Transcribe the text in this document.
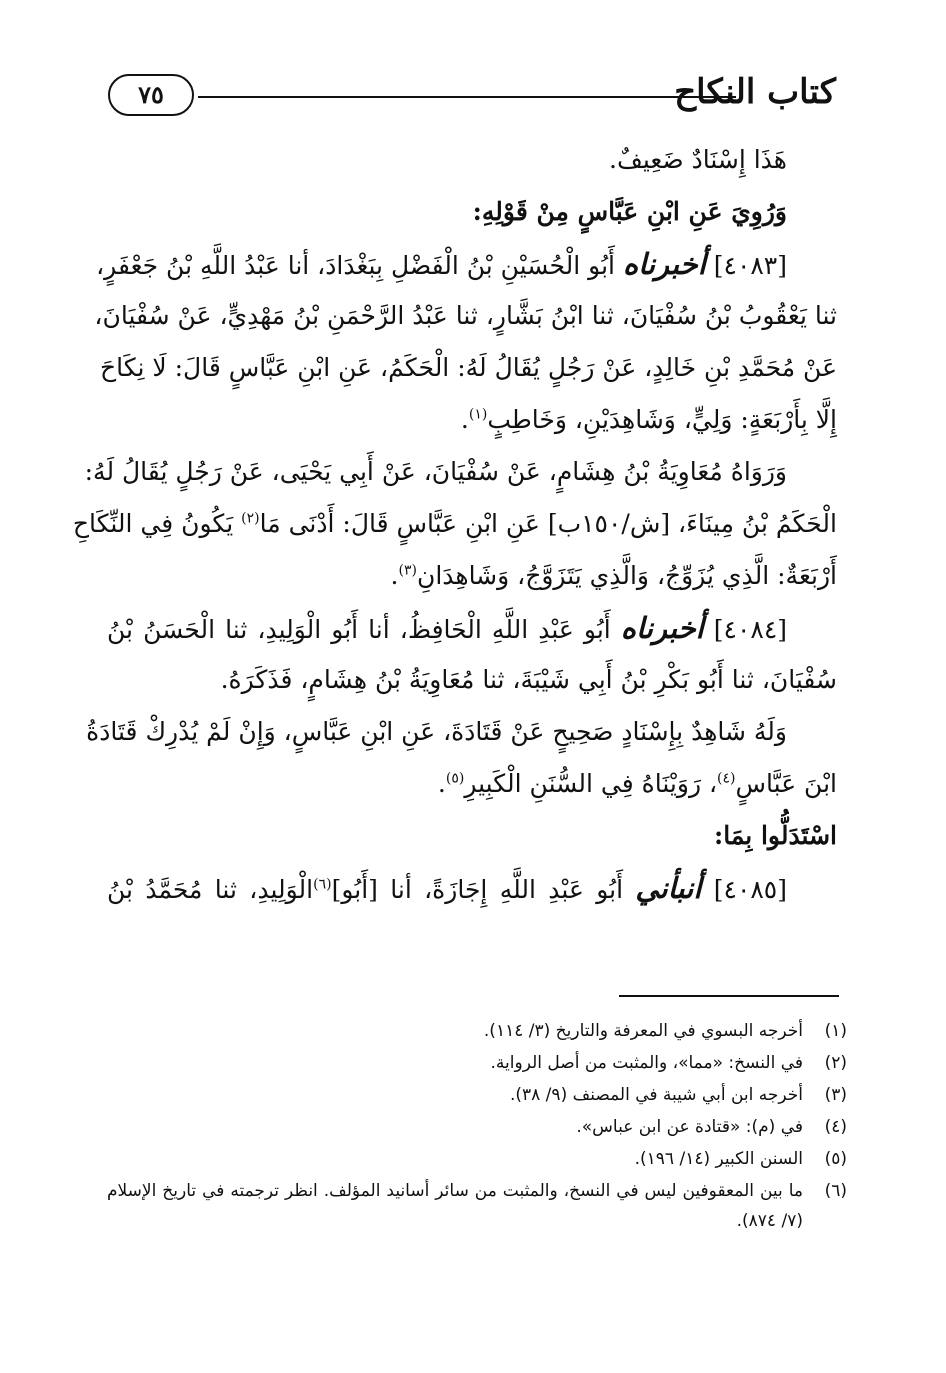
كتاب النكاح
٧٥
هَذَا إِسْنَادٌ ضَعِيفٌ.
وَرُوِيَ عَنِ ابْنِ عَبَّاسٍ مِنْ قَوْلِهِ:
[٤٠٨٣] أخبرناه أَبُو الْحُسَيْنِ بْنُ الْفَضْلِ بِبَغْدَادَ، أنا عَبْدُ اللَّهِ بْنُ جَعْفَرٍ،
ثنا يَعْقُوبُ بْنُ سُفْيَانَ، ثنا ابْنُ بَشَّارٍ، ثنا عَبْدُ الرَّحْمَنِ بْنُ مَهْدِيٍّ، عَنْ سُفْيَانَ،
عَنْ مُحَمَّدِ بْنِ خَالِدٍ، عَنْ رَجُلٍ يُقَالُ لَهُ: الْحَكَمُ، عَنِ ابْنِ عَبَّاسٍ قَالَ: لَا نِكَاحَ
إِلَّا بِأَرْبَعَةٍ: وَلِيٍّ، وَشَاهِدَيْنِ، وَخَاطِبٍ$^{(١)}$.
وَرَوَاهُ مُعَاوِيَةُ بْنُ هِشَامٍ، عَنْ سُفْيَانَ، عَنْ أَبِي يَحْيَى، عَنْ رَجُلٍ يُقَالُ لَهُ:
الْحَكَمُ بْنُ مِينَاءَ، [ش/١٥٠ب] عَنِ ابْنِ عَبَّاسٍ قَالَ: أَدْنَى مَا$^{(٢)}$ يَكُونُ فِي النِّكَاحِ
أَرْبَعَةٌ: الَّذِي يُزَوِّجُ، وَالَّذِي يَتَزَوَّجُ، وَشَاهِدَانِ$^{(٣)}$.
[٤٠٨٤] أخبرناه أَبُو عَبْدِ اللَّهِ الْحَافِظُ، أنا أَبُو الْوَلِيدِ، ثنا الْحَسَنُ بْنُ
سُفْيَانَ، ثنا أَبُو بَكْرِ بْنُ أَبِي شَيْبَةَ، ثنا مُعَاوِيَةُ بْنُ هِشَامٍ، فَذَكَرَهُ.
وَلَهُ شَاهِدٌ بِإِسْنَادٍ صَحِيحٍ عَنْ قَتَادَةَ، عَنِ ابْنِ عَبَّاسٍ، وَإِنْ لَمْ يُدْرِكْ قَتَادَةُ
ابْنَ عَبَّاسٍ$^{(٤)}$، رَوَيْنَاهُ فِي السُّنَنِ الْكَبِيرِ$^{(٥)}$.
اسْتَدَلُّوا بِمَا:
[٤٠٨٥] أنبأني أَبُو عَبْدِ اللَّهِ إِجَازَةً، أنا [أَبُو]$^{(٦)}$الْوَلِيدِ، ثنا مُحَمَّدُ بْنُ
(١)
أخرجه البسوي في المعرفة والتاريخ (٣/ ١١٤).
(٢)
في النسخ: «مما»، والمثبت من أصل الرواية.
(٣)
أخرجه ابن أبي شيبة في المصنف (٩/ ٣٨).
(٤)
في (م): «قتادة عن ابن عباس».
(٥)
السنن الكبير (١٤/ ١٩٦).
(٦)
ما بين المعقوفين ليس في النسخ، والمثبت من سائر أسانيد المؤلف. انظر ترجمته في تاريخ الإسلام (٧/ ٨٧٤).
